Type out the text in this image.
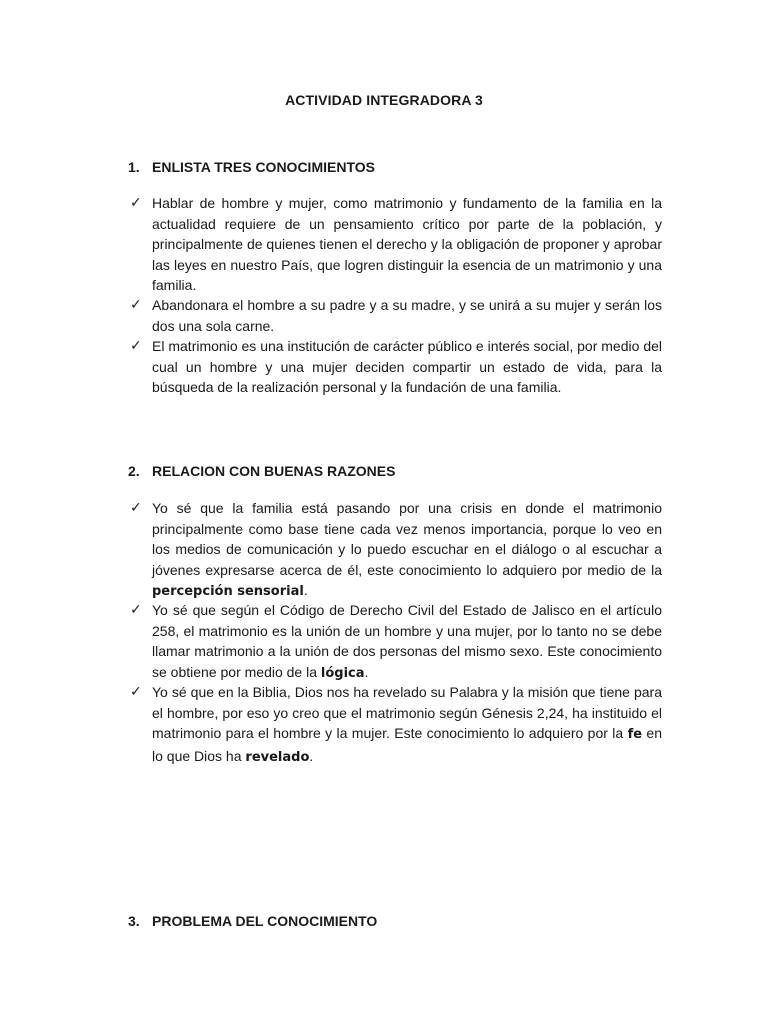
ACTIVIDAD INTEGRADORA 3
1. ENLISTA TRES CONOCIMIENTOS
✓ Hablar de hombre y mujer, como matrimonio y fundamento de la familia en la actualidad requiere de un pensamiento crítico por parte de la población, y principalmente de quienes tienen el derecho y la obligación de proponer y aprobar las leyes en nuestro País, que logren distinguir la esencia de un matrimonio y una familia.
✓ Abandonara el hombre a su padre y a su madre, y se unirá a su mujer y serán los dos una sola carne.
✓ El matrimonio es una institución de carácter público e interés social, por medio del cual un hombre y una mujer deciden compartir un estado de vida, para la búsqueda de la realización personal y la fundación de una familia.
2. RELACION CON BUENAS RAZONES
✓ Yo sé que la familia está pasando por una crisis en donde el matrimonio principalmente como base tiene cada vez menos importancia, porque lo veo en los medios de comunicación y lo puedo escuchar en el diálogo o al escuchar a jóvenes expresarse acerca de él, este conocimiento lo adquiero por medio de la percepción sensorial.
✓ Yo sé que según el Código de Derecho Civil del Estado de Jalisco en el artículo 258, el matrimonio es la unión de un hombre y una mujer, por lo tanto no se debe llamar matrimonio a la unión de dos personas del mismo sexo. Este conocimiento se obtiene por medio de la lógica.
✓ Yo sé que en la Biblia, Dios nos ha revelado su Palabra y la misión que tiene para el hombre, por eso yo creo que el matrimonio según Génesis 2,24, ha instituido el matrimonio para el hombre y la mujer. Este conocimiento lo adquiero por la fe en lo que Dios ha revelado.
3. PROBLEMA DEL CONOCIMIENTO
